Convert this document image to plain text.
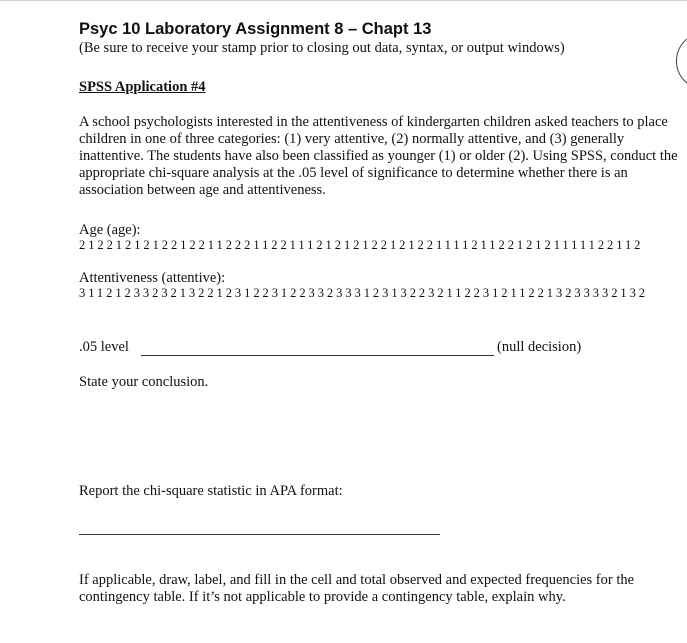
Psyc 10 Laboratory Assignment 8 – Chapt 13
(Be sure to receive your stamp prior to closing out data, syntax, or output windows)
SPSS Application #4
A school psychologists interested in the attentiveness of kindergarten children asked teachers to place children in one of three categories: (1) very attentive, (2) normally attentive, and (3) generally inattentive. The students have also been classified as younger (1) or older (2). Using SPSS, conduct the appropriate chi-square analysis at the .05 level of significance to determine whether there is an association between age and attentiveness.
Age (age):
21221212122122112221122111212121221212211112112212121111122112
Attentiveness (attentive):
31121233232132212312231223323331231322321122312112213233332132
.05 level	(null decision)
State your conclusion.
Report the chi-square statistic in APA format:
If applicable, draw, label, and fill in the cell and total observed and expected frequencies for the contingency table. If it’s not applicable to provide a contingency table, explain why.
